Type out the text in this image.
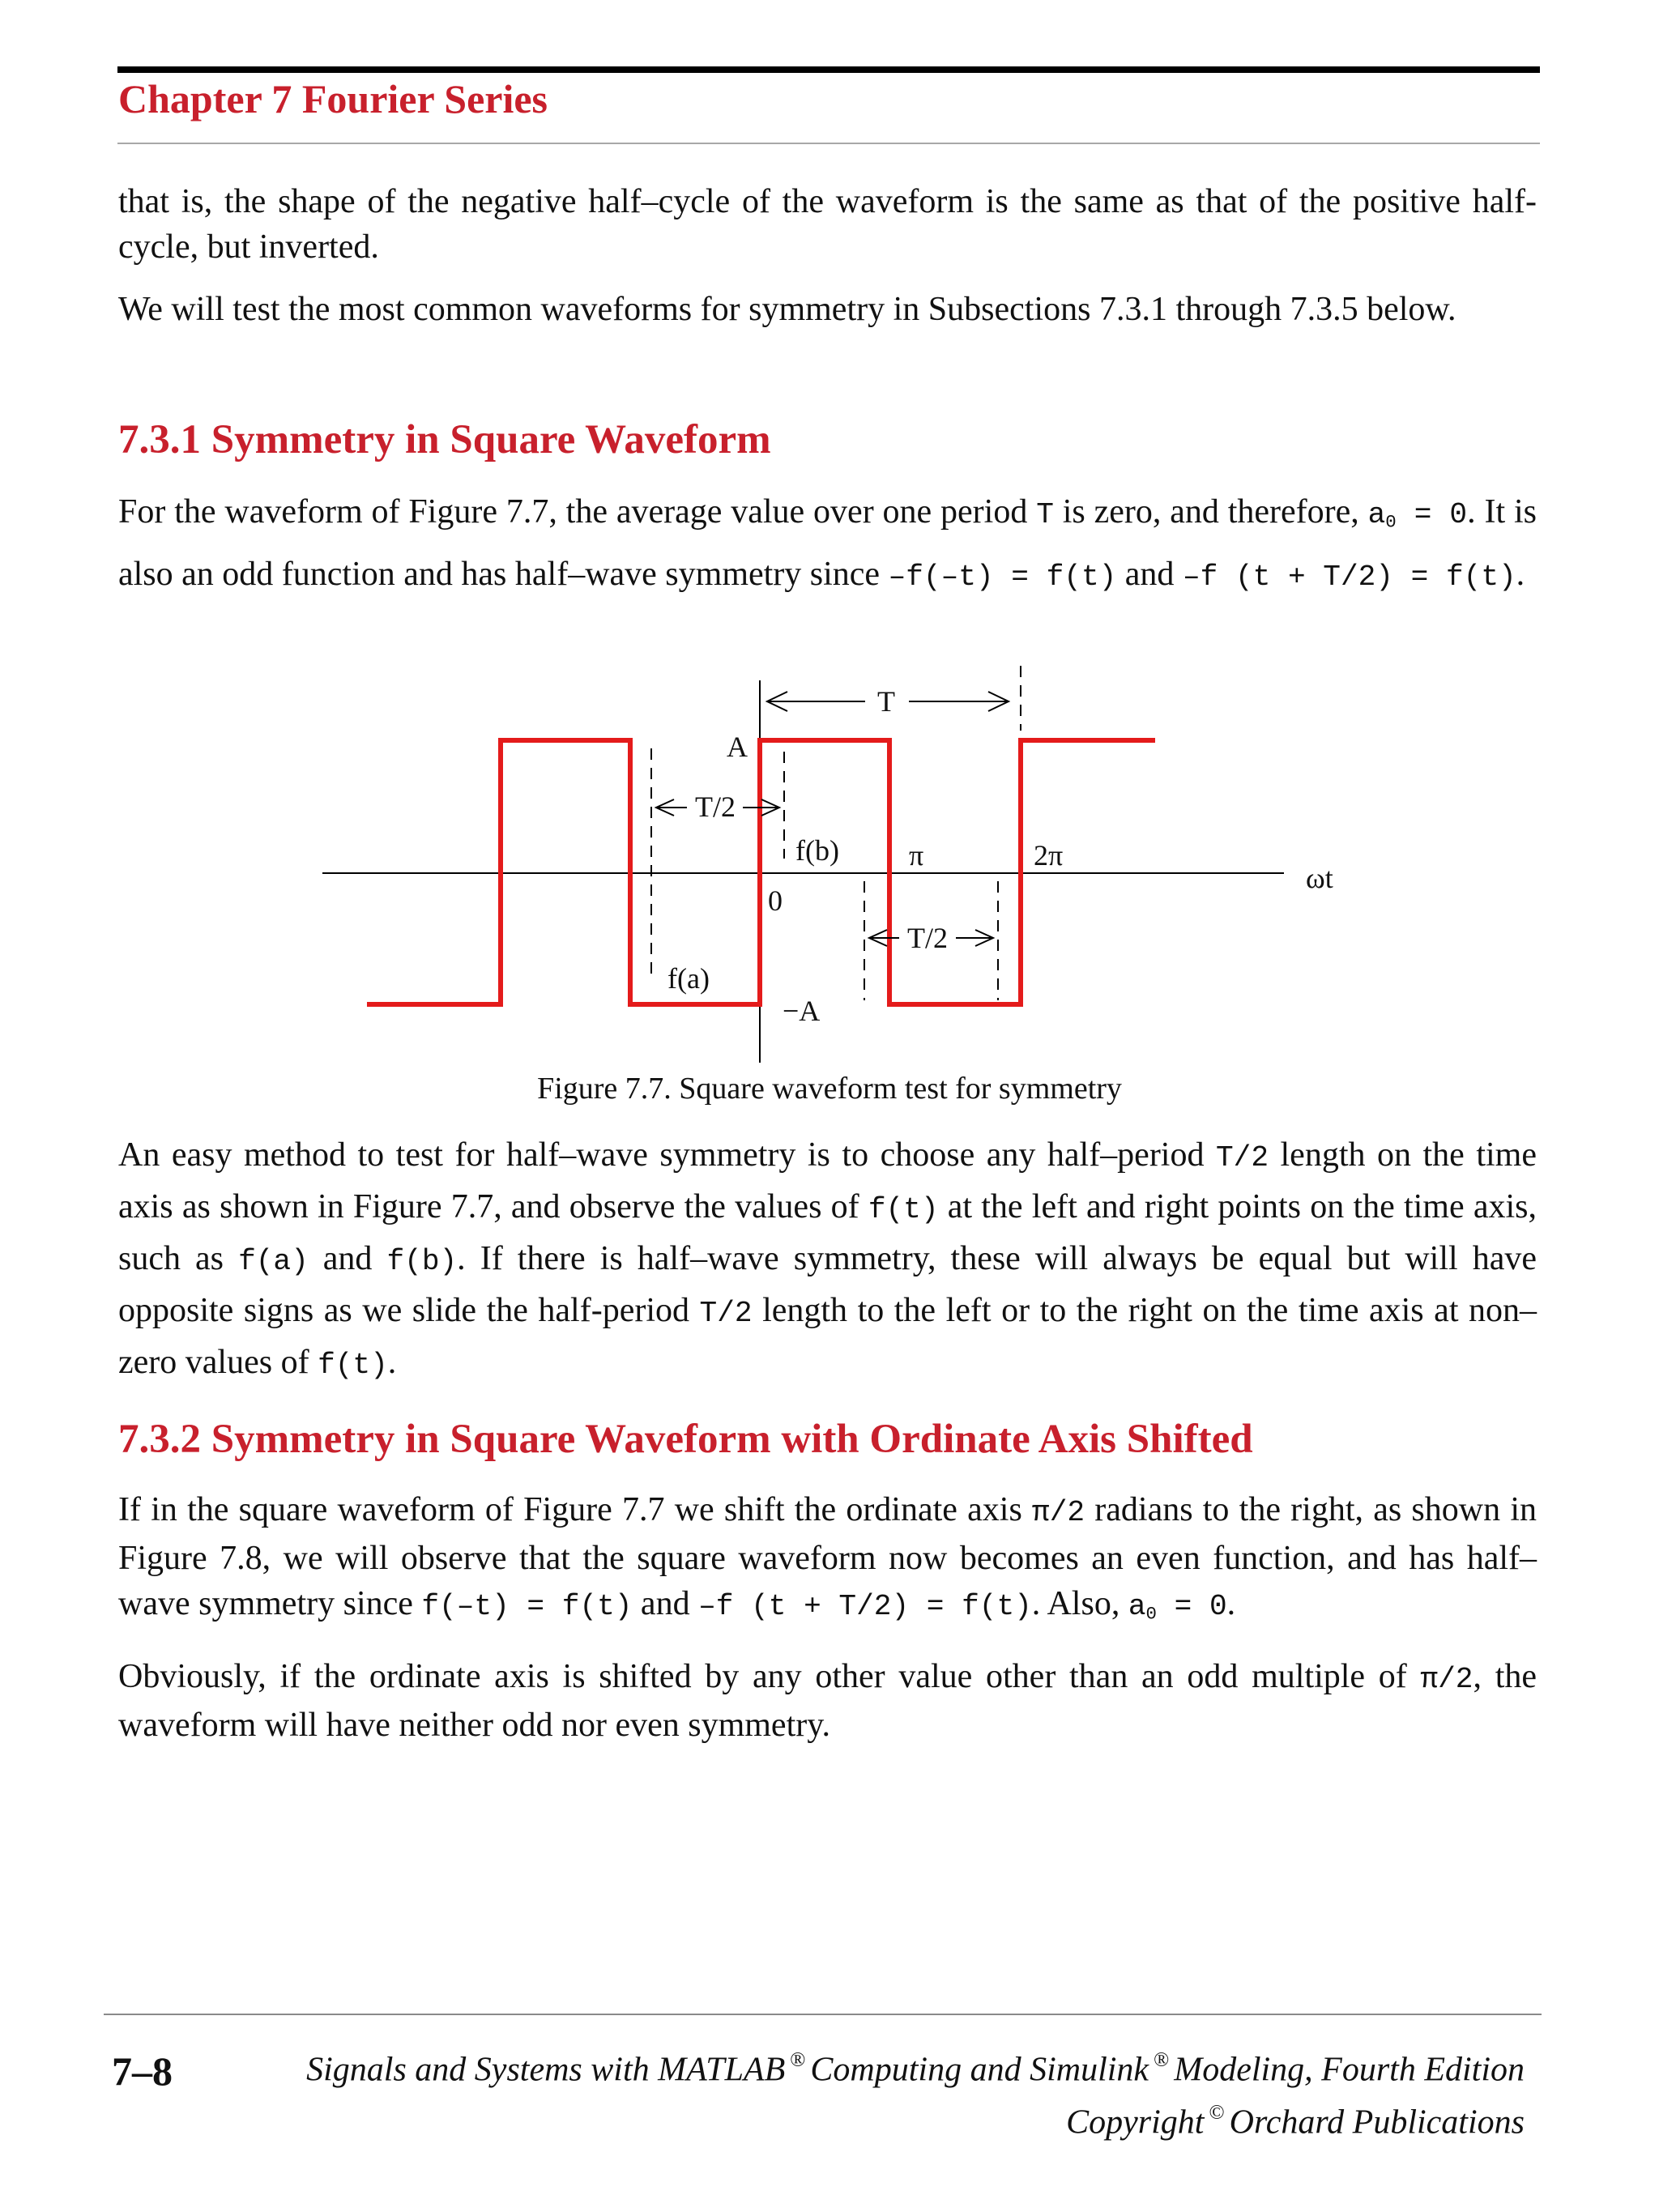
Chapter 7 Fourier Series

that is, the shape of the negative half–cycle of the waveform is the same as that of the positive half-cycle, but inverted.

We will test the most common waveforms for symmetry in Subsections 7.3.1 through 7.3.5 below.

7.3.1 Symmetry in Square Waveform

For the waveform of Figure 7.7, the average value over one period T is zero, and therefore, $a_0 = 0$. It is also an odd function and has half–wave symmetry since –f(–t) = f(t) and –f (t + T/2) = f(t).

T
A
T/2
f(b) π	2π
ωt
0
T/2
f(a)
−A
Figure 7.7. Square waveform test for symmetry

An easy method to test for half–wave symmetry is to choose any half–period T/2 length on the time axis as shown in Figure 7.7, and observe the values of f(t) at the left and right points on the time axis, such as f(a) and f(b). If there is half–wave symmetry, these will always be equal but will have opposite signs as we slide the half-period T/2 length to the left or to the right on the time axis at non–zero values of f(t).

7.3.2 Symmetry in Square Waveform with Ordinate Axis Shifted

If in the square waveform of Figure 7.7 we shift the ordinate axis π/2 radians to the right, as shown in Figure 7.8, we will observe that the square waveform now becomes an even function, and has half–wave symmetry since f(–t) = f(t) and –f (t + T/2) = f(t). Also, $a_0 = 0$.

Obviously, if the ordinate axis is shifted by any other value other than an odd multiple of π/2, the waveform will have neither odd nor even symmetry.

7–8	Signals and Systems with MATLAB ® Computing and Simulink ® Modeling, Fourth Edition
Copyright © Orchard Publications
